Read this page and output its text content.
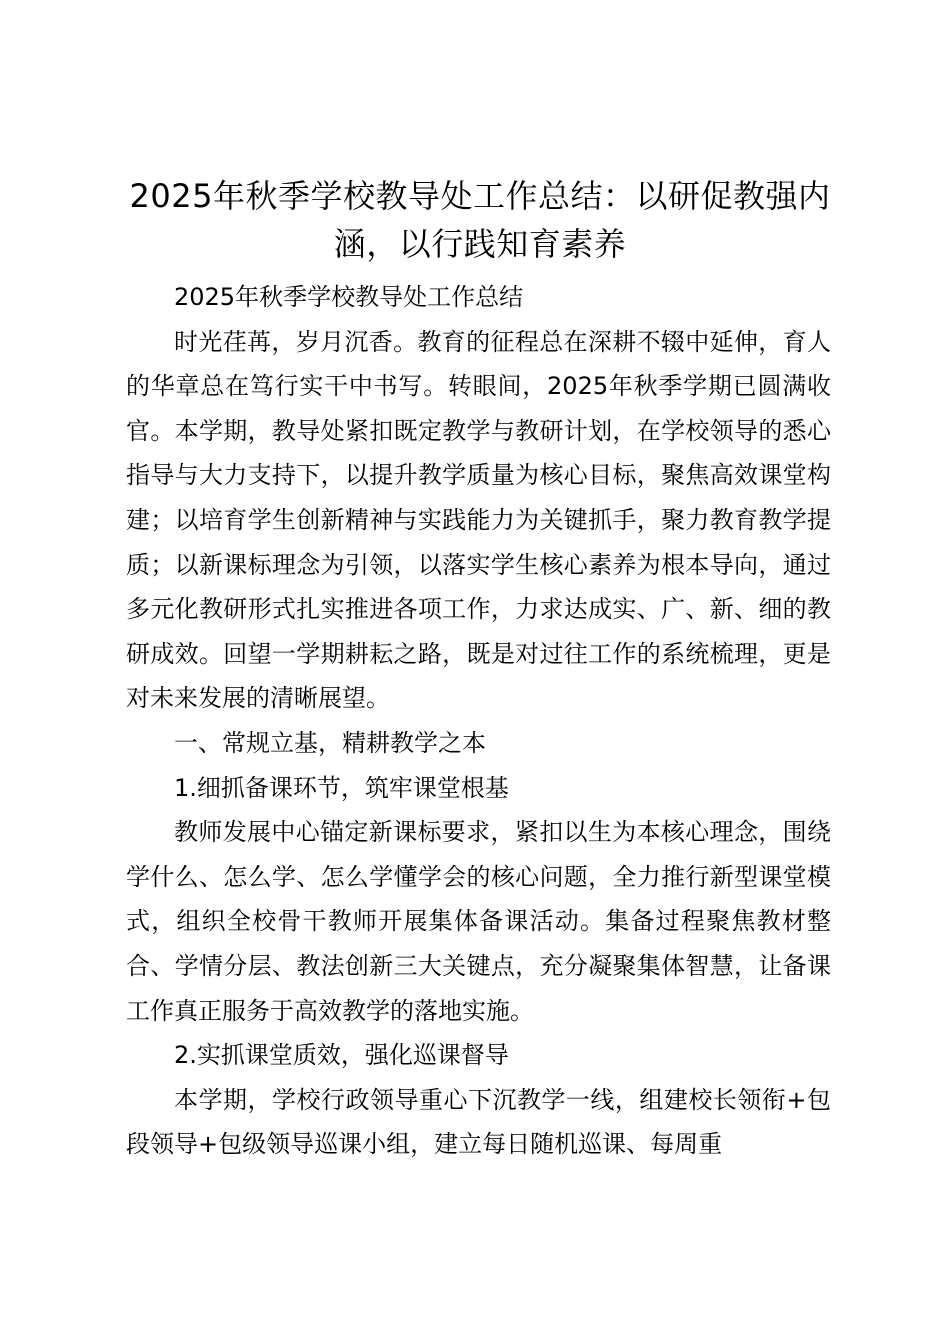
2025年秋季学校教导处工作总结：以研促教强内涵，以行践知育素养

2025年秋季学校教导处工作总结

时光荏苒，岁月沉香。教育的征程总在深耕不辍中延伸，育人的华章总在笃行实干中书写。转眼间，2025年秋季学期已圆满收官。本学期，教导处紧扣既定教学与教研计划，在学校领导的悉心指导与大力支持下，以提升教学质量为核心目标，聚焦高效课堂构建；以培育学生创新精神与实践能力为关键抓手，聚力教育教学提质；以新课标理念为引领，以落实学生核心素养为根本导向，通过多元化教研形式扎实推进各项工作，力求达成实、广、新、细的教研成效。回望一学期耕耘之路，既是对过往工作的系统梳理，更是对未来发展的清晰展望。

一、常规立基，精耕教学之本

1.细抓备课环节，筑牢课堂根基

教师发展中心锚定新课标要求，紧扣以生为本核心理念，围绕学什么、怎么学、怎么学懂学会的核心问题，全力推行新型课堂模式，组织全校骨干教师开展集体备课活动。集备过程聚焦教材整合、学情分层、教法创新三大关键点，充分凝聚集体智慧，让备课工作真正服务于高效教学的落地实施。

2.实抓课堂质效，强化巡课督导

本学期，学校行政领导重心下沉教学一线，组建校长领衔+包段领导+包级领导巡课小组，建立每日随机巡课、每周重
